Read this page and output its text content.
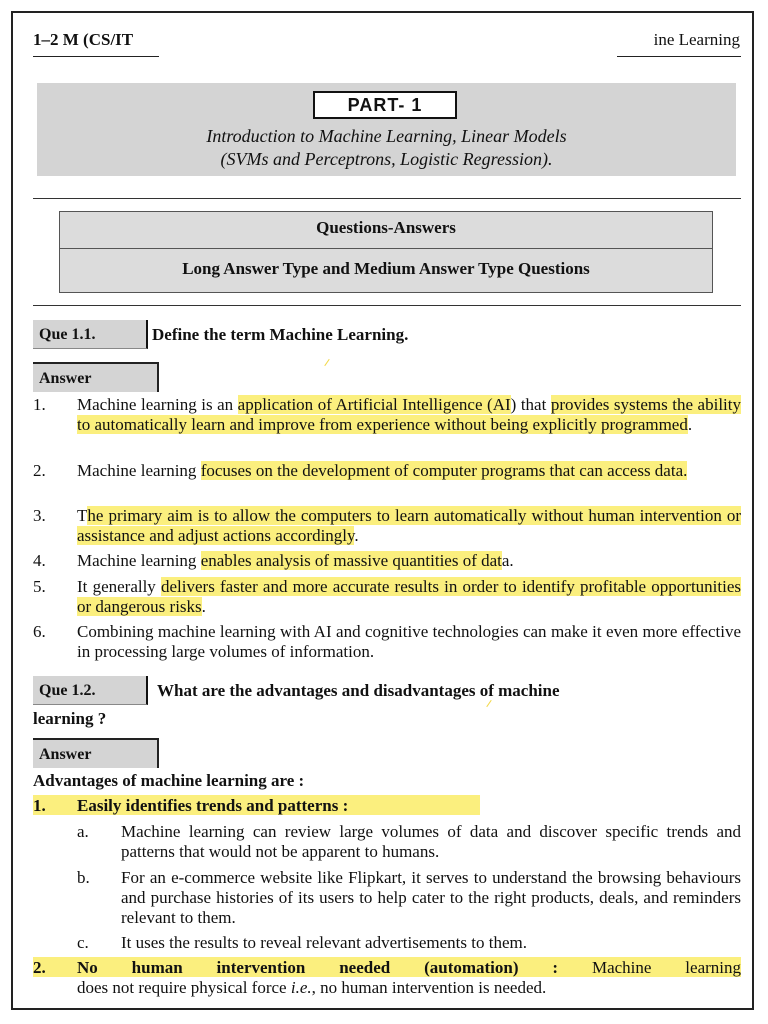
1–2 M (CS/IT	ine Learning
PART- 1
Introduction to Machine Learning, Linear Models
(SVMs and Perceptrons, Logistic Regression).
Questions-Answers
Long Answer Type and Medium Answer Type Questions
Que 1.1.	Define the term Machine Learning.
Answer
1.	Machine learning is an application of Artificial Intelligence (AI) that provides systems the ability to automatically learn and improve from experience without being explicitly programmed.
2.	Machine learning focuses on the development of computer programs that can access data.
3.	The primary aim is to allow the computers to learn automatically without human intervention or assistance and adjust actions accordingly.
4.	Machine learning enables analysis of massive quantities of data.
5.	It generally delivers faster and more accurate results in order to identify profitable opportunities or dangerous risks.
6.	Combining machine learning with AI and cognitive technologies can make it even more effective in processing large volumes of information.
Que 1.2.	What are the advantages and disadvantages of machine
learning ?
Answer
Advantages of machine learning are :
1.	Easily identifies trends and patterns :
a. Machine learning can review large volumes of data and discover specific trends and patterns that would not be apparent to humans.
b. For an e-commerce website like Flipkart, it serves to understand the browsing behaviours and purchase histories of its users to help cater to the right products, deals, and reminders relevant to them.
c. It uses the results to reveal relevant advertisements to them.
2.	No human intervention needed (automation) : Machine learning
does not require physical force i.e., no human intervention is needed.
